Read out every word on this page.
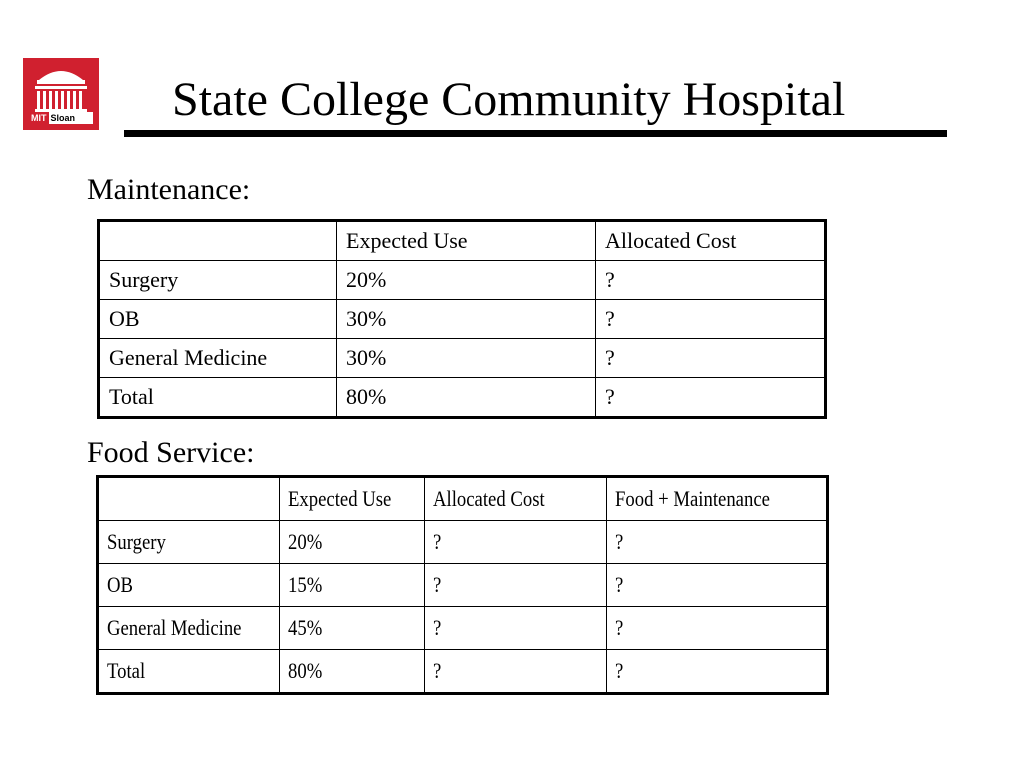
MIT Sloan	State College Community Hospital
Maintenance:
	Expected Use	Allocated Cost
Surgery	20%	?
OB	30%	?
General Medicine	30%	?
Total	80%	?
Food Service:
	Expected Use	Allocated Cost	Food + Maintenance
Surgery	20%	?	?
OB	15%	?	?
General Medicine	45%	?	?
Total	80%	?	?
